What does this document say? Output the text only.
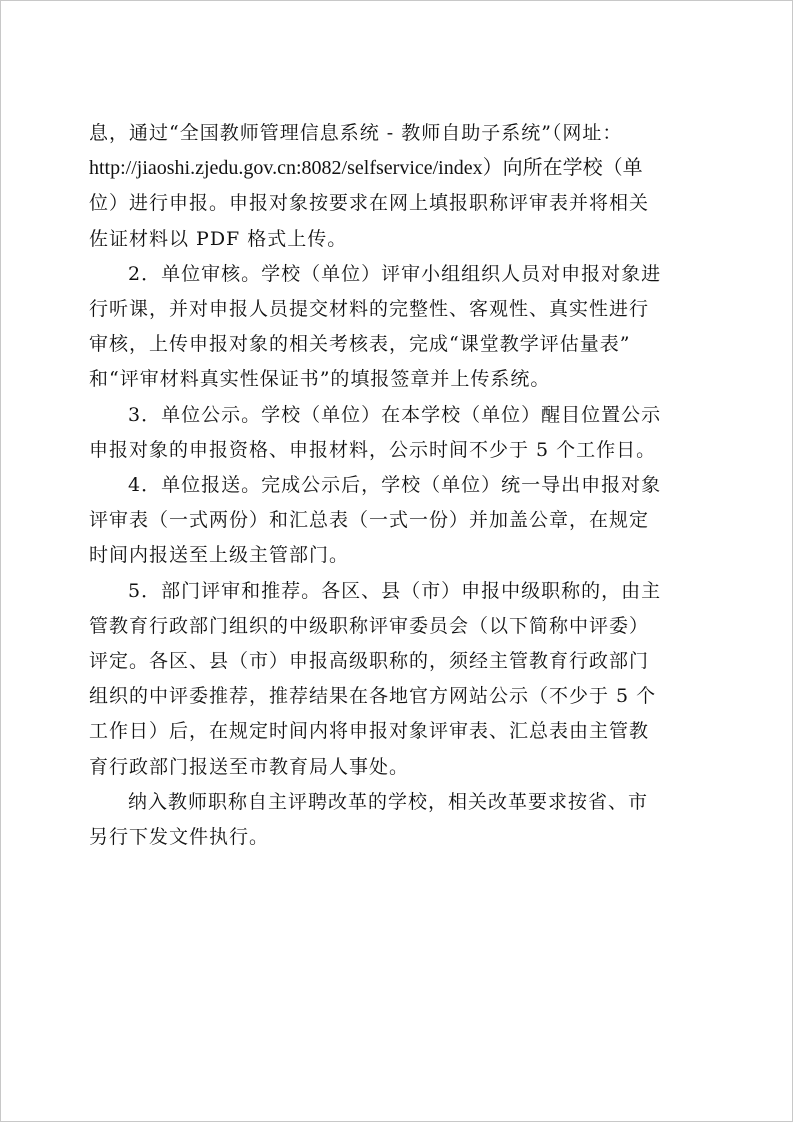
息，通过“全国教师管理信息系统 - 教师自助子系统”（网址：
http://jiaoshi.zjedu.gov.cn:8082/selfservice/index）向所在学校（单
位）进行申报。申报对象按要求在网上填报职称评审表并将相关
佐证材料以 PDF 格式上传。
2．单位审核。学校（单位）评审小组组织人员对申报对象进
行听课，并对申报人员提交材料的完整性、客观性、真实性进行
审核，上传申报对象的相关考核表，完成“课堂教学评估量表”
和“评审材料真实性保证书”的填报签章并上传系统。
3．单位公示。学校（单位）在本学校（单位）醒目位置公示
申报对象的申报资格、申报材料，公示时间不少于 5 个工作日。
4．单位报送。完成公示后，学校（单位）统一导出申报对象
评审表（一式两份）和汇总表（一式一份）并加盖公章，在规定
时间内报送至上级主管部门。
5．部门评审和推荐。各区、县（市）申报中级职称的，由主
管教育行政部门组织的中级职称评审委员会（以下简称中评委）
评定。各区、县（市）申报高级职称的，须经主管教育行政部门
组织的中评委推荐，推荐结果在各地官方网站公示（不少于 5 个
工作日）后，在规定时间内将申报对象评审表、汇总表由主管教
育行政部门报送至市教育局人事处。
纳入教师职称自主评聘改革的学校，相关改革要求按省、市
另行下发文件执行。
